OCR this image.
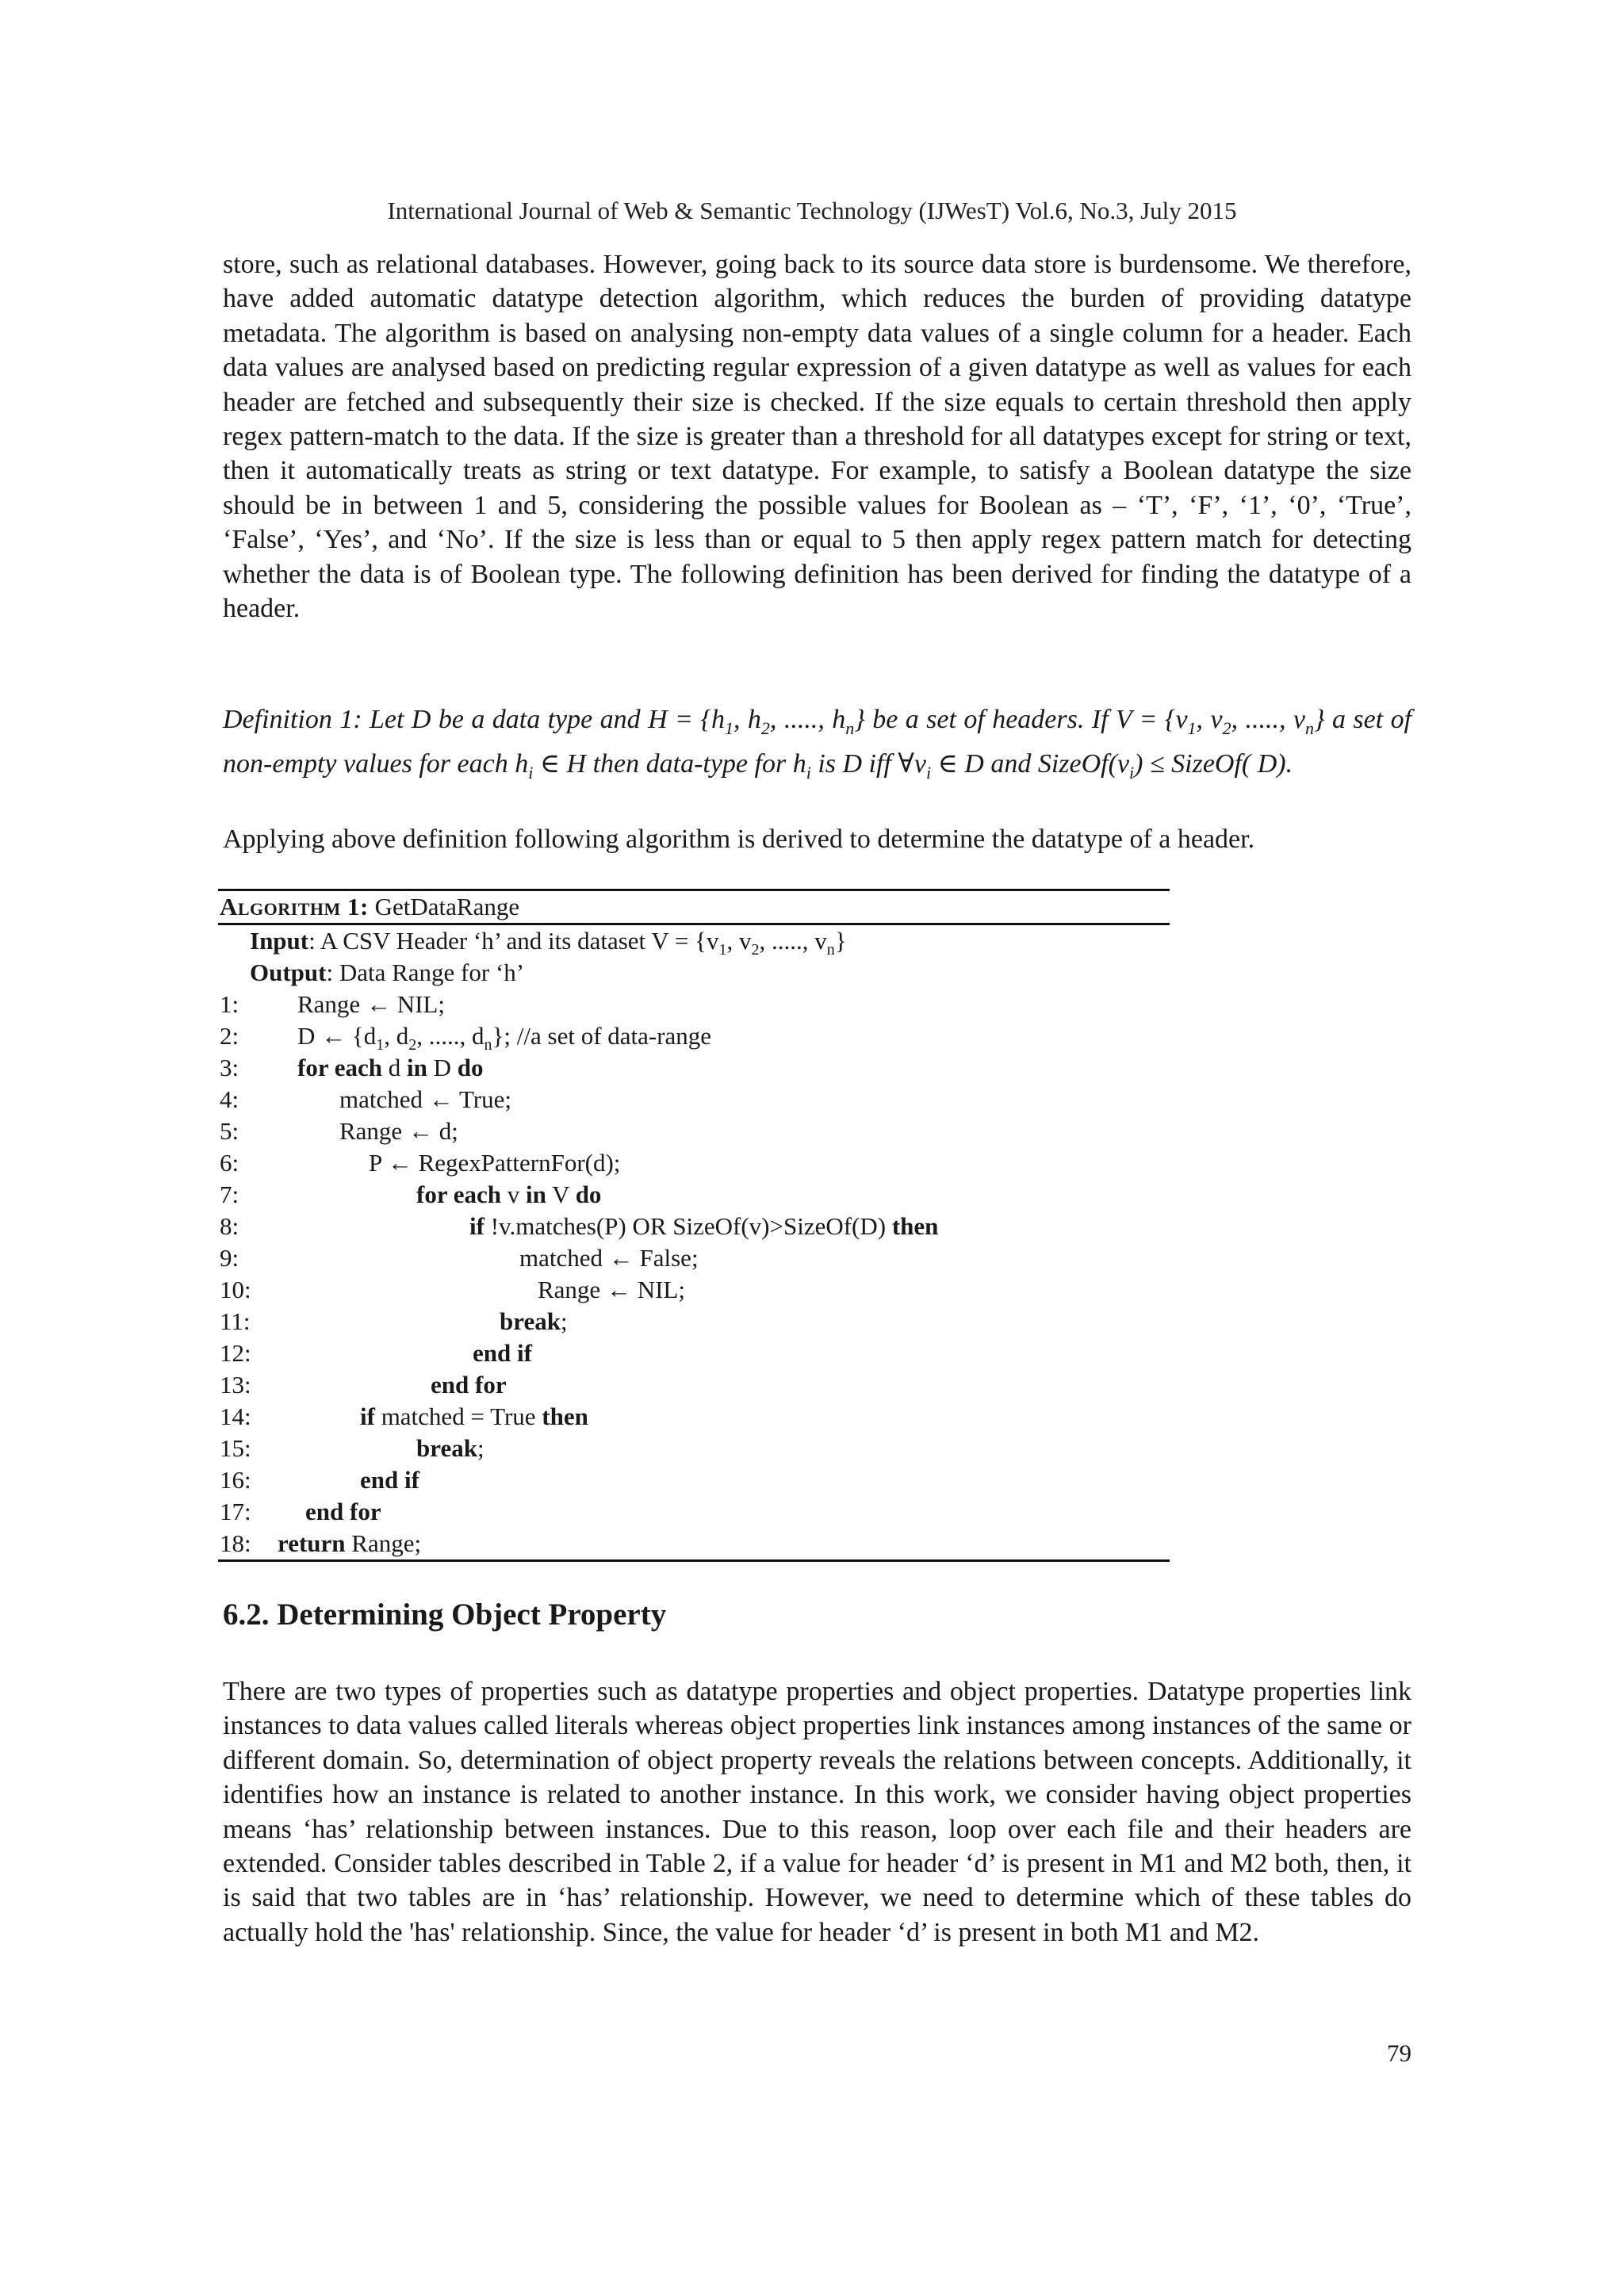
International Journal of Web & Semantic Technology (IJWesT) Vol.6, No.3, July 2015

store, such as relational databases. However, going back to its source data store is burdensome. We therefore, have added automatic datatype detection algorithm, which reduces the burden of providing datatype metadata. The algorithm is based on analysing non-empty data values of a single column for a header. Each data values are analysed based on predicting regular expression of a given datatype as well as values for each header are fetched and subsequently their size is checked. If the size equals to certain threshold then apply regex pattern-match to the data. If the size is greater than a threshold for all datatypes except for string or text, then it automatically treats as string or text datatype. For example, to satisfy a Boolean datatype the size should be in between 1 and 5, considering the possible values for Boolean as – ‘T’, ‘F’, ‘1’, ‘0’, ‘True’, ‘False’, ‘Yes’, and ‘No’. If the size is less than or equal to 5 then apply regex pattern match for detecting whether the data is of Boolean type. The following definition has been derived for finding the datatype of a header.

Definition 1: Let D be a data type and $H = \{h_1$, $h_2$, ....., $h_n$} be a set of headers. If $V = \{v_1$, $v_2$, ....., $v_n$} a set of non-empty values for each $h_i$ ∈ H then data-type for $h_i$ is D iff $\forall v_i$ ∈ D and $SizeOf(v_i)$ ≤ SizeOf( D).
Applying above definition following algorithm is derived to determine the datatype of a header.
Algorithm 1: GetDataRange
Input: A CSV Header ‘h’ and its dataset $V = \{v_1$, $v_2$, ....., $v_n$}
Output: Data Range for ‘h’
1:	Range ← NIL;
2:	D ← {$d_1$, $d_2$, ....., $d_n$}; //a set of data-range
3:	for each d in D do
4:	matched ← True;
5:	Range ← d;
6:	P ← RegexPatternFor(d);
7:	for each v in V do
8:	if !v.matches(P) OR SizeOf(v)>SizeOf(D) then
9:	matched ← False;
10:	Range ← NIL;
11:	break;
12:	end if
13:	end for
14:	if matched = True then
15:	break;
16:	end if
17:	end for
18:	return Range;
6.2. Determining Object Property

There are two types of properties such as datatype properties and object properties. Datatype properties link instances to data values called literals whereas object properties link instances among instances of the same or different domain. So, determination of object property reveals the relations between concepts. Additionally, it identifies how an instance is related to another instance. In this work, we consider having object properties means ‘has’ relationship between instances. Due to this reason, loop over each file and their headers are extended. Consider tables described in Table 2, if a value for header ‘d’ is present in M1 and M2 both, then, it is said that two tables are in ‘has’ relationship. However, we need to determine which of these tables do actually hold the 'has' relationship. Since, the value for header ‘d’ is present in both M1 and M2.

79
